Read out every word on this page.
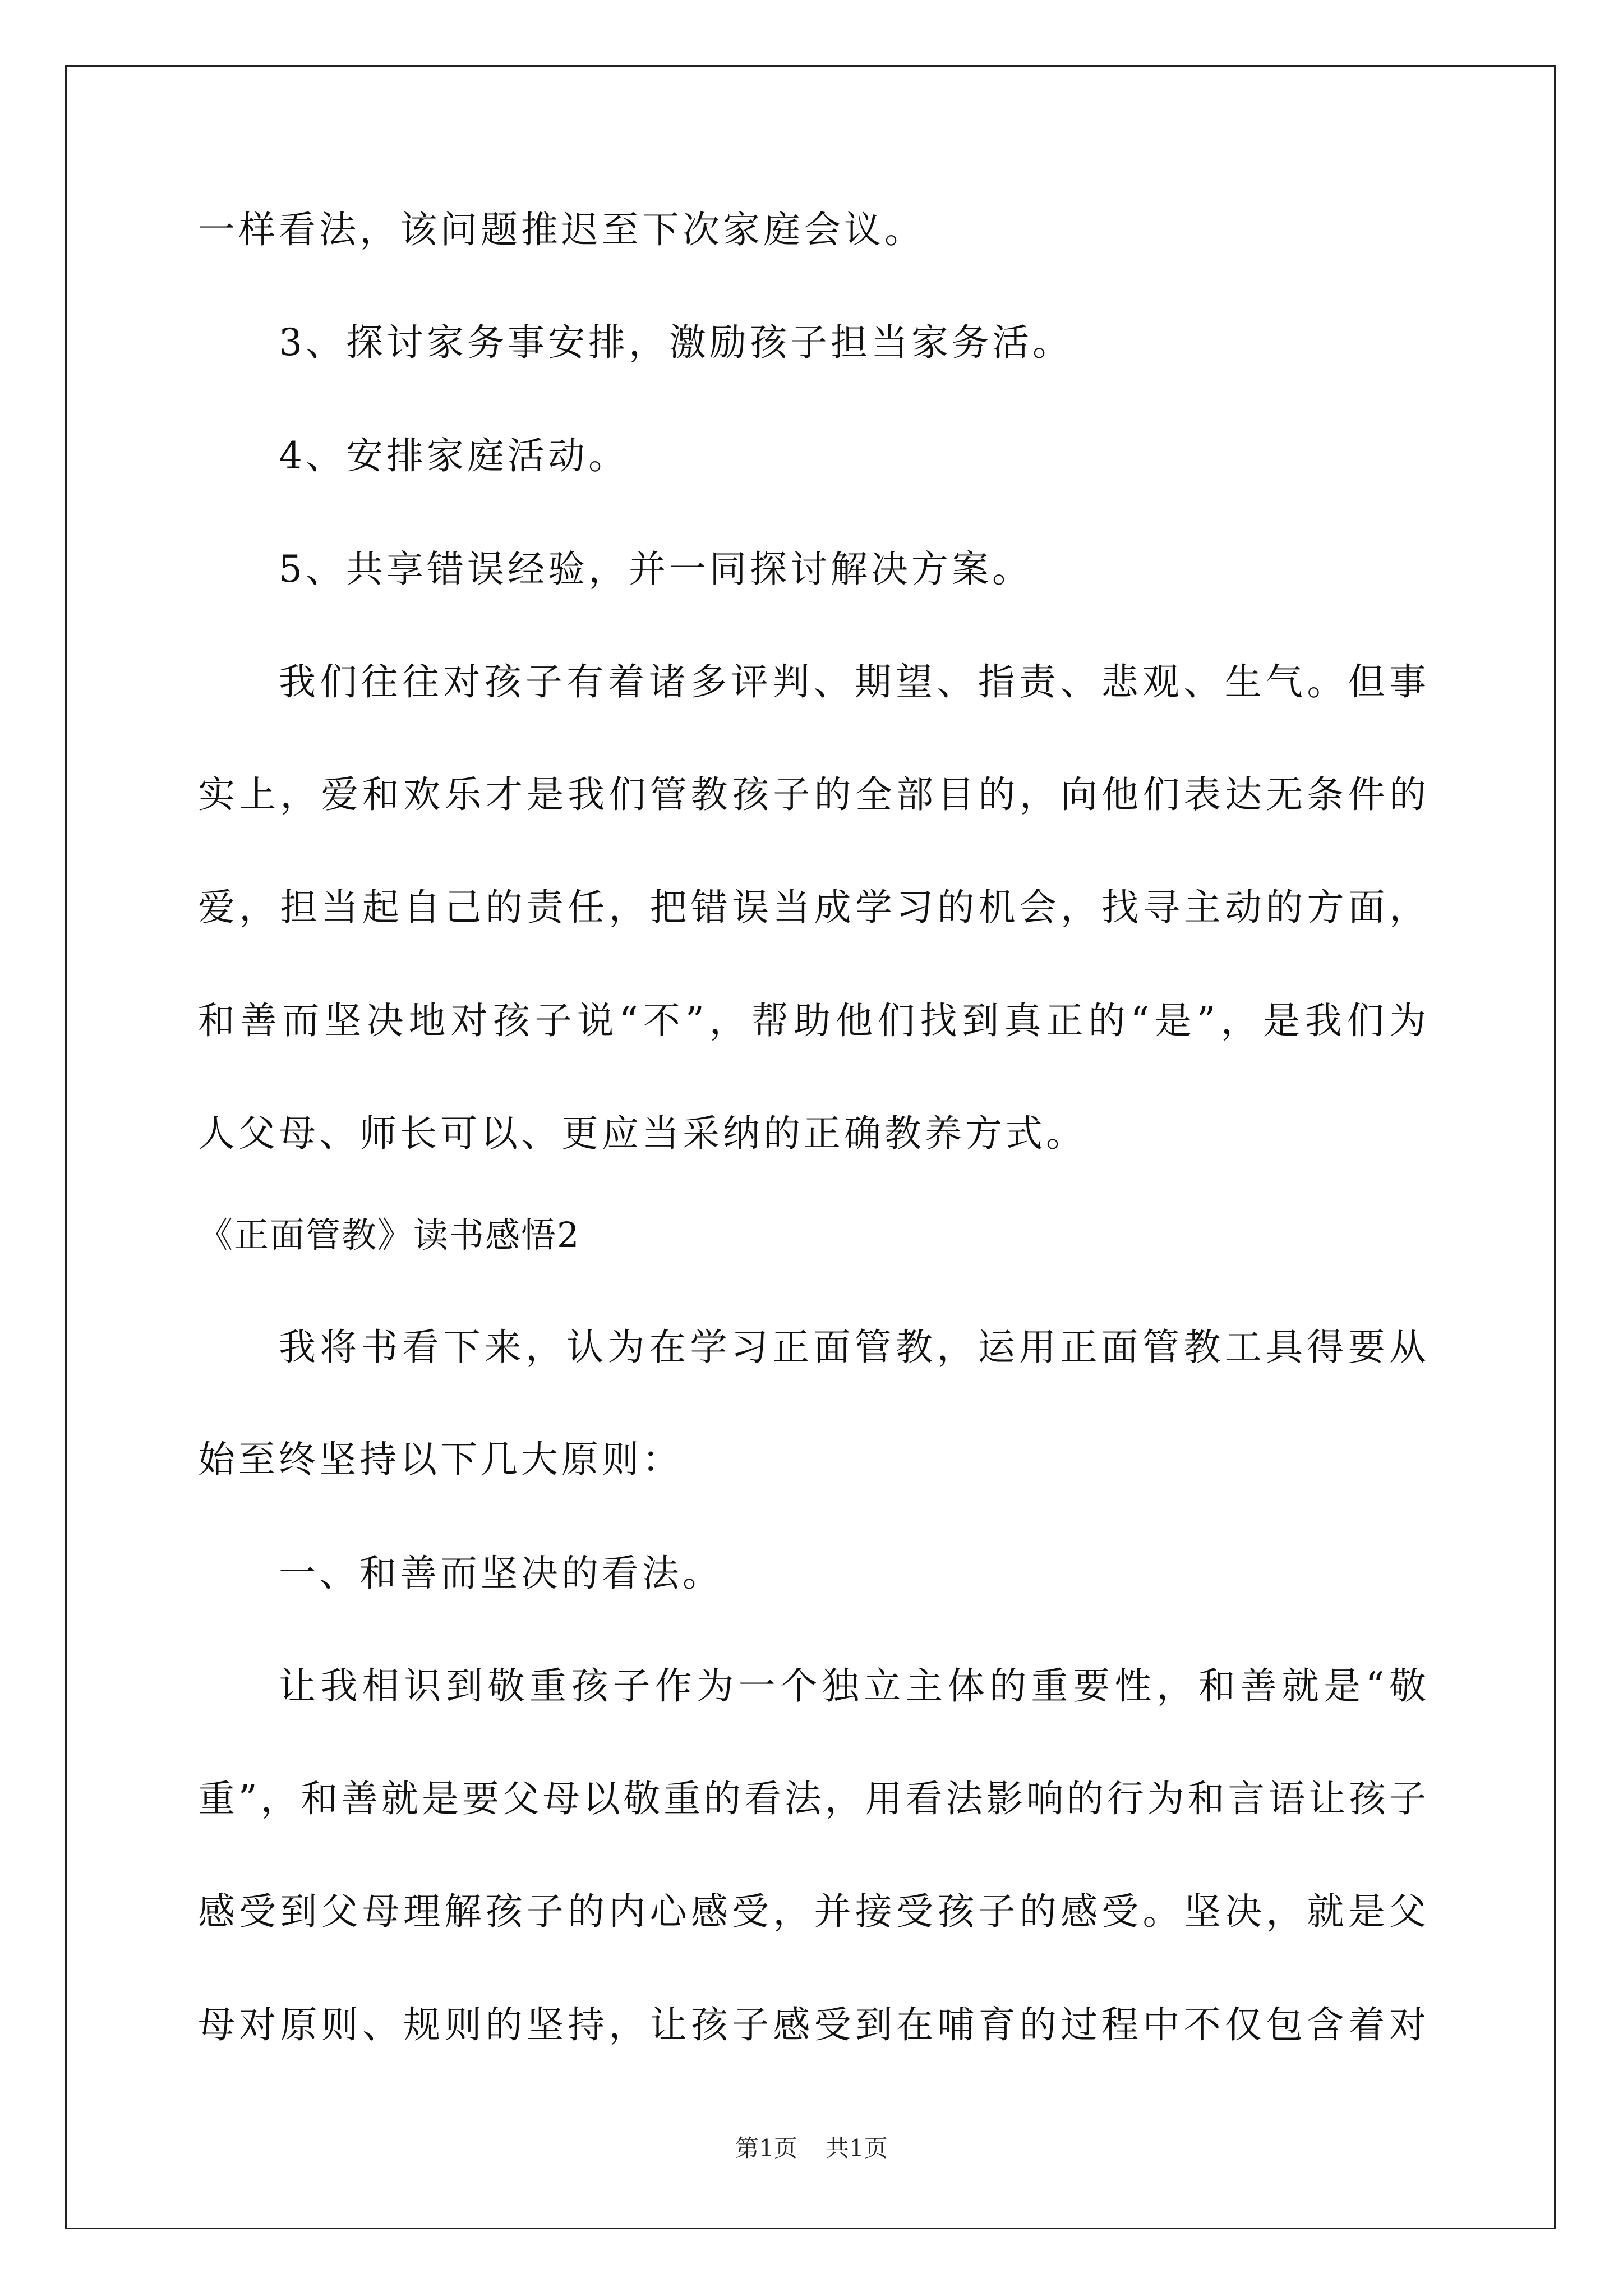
一样看法，该问题推迟至下次家庭会议。
3、探讨家务事安排，激励孩子担当家务活。
4、安排家庭活动。
5、共享错误经验，并一同探讨解决方案。
我们往往对孩子有着诸多评判、期望、指责、悲观、生气。但事
实上，爱和欢乐才是我们管教孩子的全部目的，向他们表达无条件的
爱，担当起自己的责任，把错误当成学习的机会，找寻主动的方面，
和善而坚决地对孩子说“不”，帮助他们找到真正的“是”，是我们为
人父母、师长可以、更应当采纳的正确教养方式。
《正面管教》读书感悟2
我将书看下来，认为在学习正面管教，运用正面管教工具得要从
始至终坚持以下几大原则：
一、和善而坚决的看法。
让我相识到敬重孩子作为一个独立主体的重要性，和善就是“敬
重”，和善就是要父母以敬重的看法，用看法影响的行为和言语让孩子
感受到父母理解孩子的内心感受，并接受孩子的感受。坚决，就是父
母对原则、规则的坚持，让孩子感受到在哺育的过程中不仅包含着对
第1页 共1页
